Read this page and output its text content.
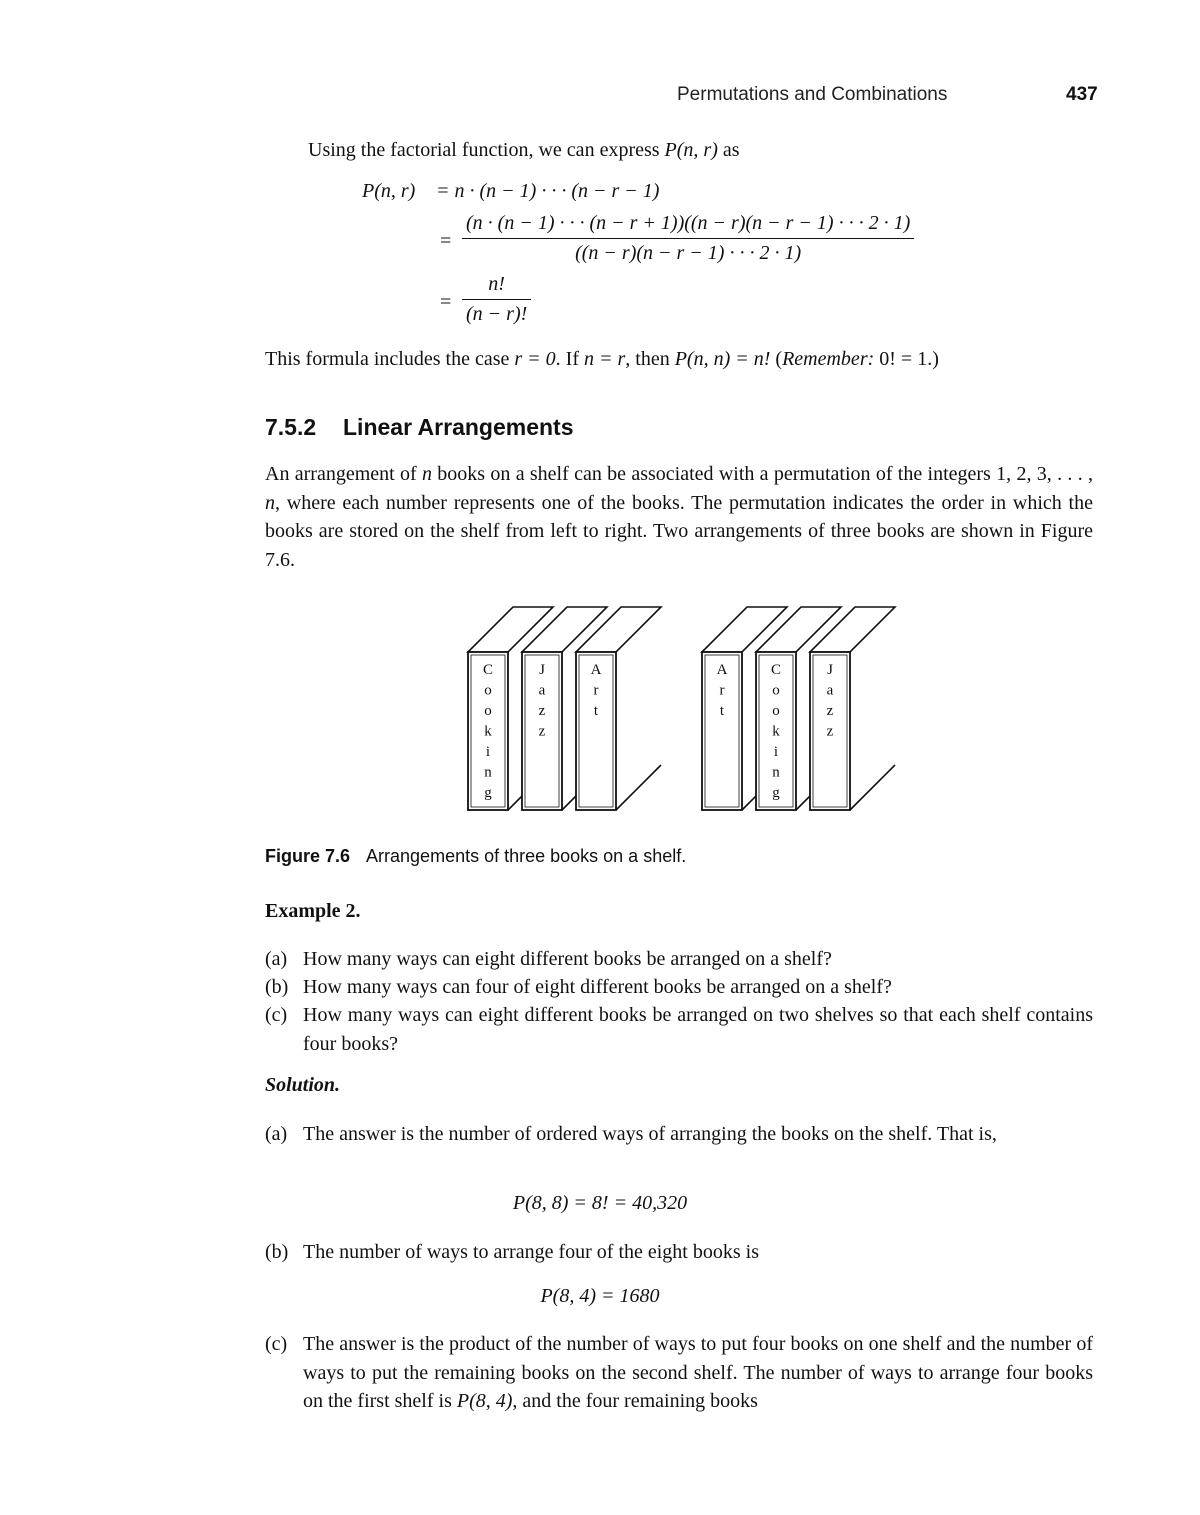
Permutations and Combinations	437
Using the factorial function, we can express P(n, r) as
P(n, r) = n · (n − 1) · · · (n − r − 1)
=
(n · (n − 1) · · · (n − r + 1))((n − r)(n − r − 1) · · · 2 · 1)
((n − r)(n − r − 1) · · · 2 · 1)
= $\frac{n!}{(n - r)!}$
This formula includes the case r = 0. If n = r, then P(n, n) = n! (Remember: 0! = 1.)
7.5.2 Linear Arrangements
An arrangement of n books on a shelf can be associated with a permutation of the integers 1, 2, 3, . . . , n, where each number represents one of the books. The permutation indicates the order in which the books are stored on the shelf from left to right. Two arrangements of three books are shown in Figure 7.6.
C
o
o
k
i
n
g
J
a
z
z
A
r
t
A
r
t
C
o
o
k
i
n
g
J
a
z
z
Figure 7.6 Arrangements of three books on a shelf.
Example 2.
(a) How many ways can eight different books be arranged on a shelf?
(b) How many ways can four of eight different books be arranged on a shelf?
(c) How many ways can eight different books be arranged on two shelves so that each shelf contains four books?
Solution.
(a) The answer is the number of ordered ways of arranging the books on the shelf. That is,
P(8, 8) = 8! = 40,320
(b) The number of ways to arrange four of the eight books is
P(8, 4) = 1680
(c) The answer is the product of the number of ways to put four books on one shelf and the number of ways to put the remaining books on the second shelf. The number of ways to arrange four books on the first shelf is P(8, 4), and the four remaining books
